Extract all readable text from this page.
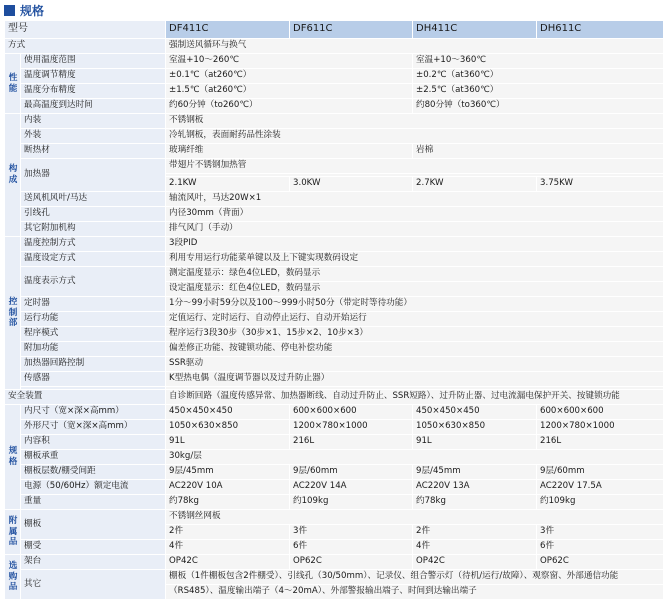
规格
型号		DF411C	DF611C	DH411C	DH611C
方式		强制送风循环与换气			
性能	使用温度范围	室温+10～260℃		室温+10～360℃	
	温度调节精度	±0.1℃（at260℃）		±0.2℃（at360℃）	
	温度分布精度	±1.5℃（at260℃）		±2.5℃（at360℃）	
	最高温度到达时间	约60分钟（to260℃）		约80分钟（to360℃）	
构成	内装	不锈钢板			
	外装	冷轧钢板，表面耐药品性涂装			
	断热材	玻璃纤维		岩棉	
	加热器	带翅片不锈钢加热管			

		2.1KW	3.0KW	2.7KW	3.75KW
	送风机风叶/马达	轴流风叶，马达20W×1			
	引线孔	内径30mm（背面）			
	其它附加机构	排气风门（手动）			
控制部	温度控制方式	3段PID			
	温度设定方式	利用专用运行功能菜单键以及上下键实现数码设定			
	温度表示方式	测定温度显示：绿色4位LED，数码显示			
		设定温度显示：红色4位LED，数码显示			
	定时器	1分～99小时59分以及100～999小时50分（带定时等待功能）			
	运行功能	定值运行、定时运行、自动停止运行、自动开始运行			
	程序模式	程序运行3段30步（30步×1、15步×2、10步×3）			
	附加功能	偏差修正功能、按键锁功能、停电补偿功能			
	加热器回路控制	SSR驱动			
	传感器	K型热电偶（温度调节器以及过升防止器）			

安全装置		自诊断回路（温度传感异常、加热器断线、自动过升防止、SSR短路）、过升防止器、过电流漏电保护开关、按键锁功能			
规格	内尺寸（宽×深×高mm）	450×450×450	600×600×600	450×450×450	600×600×600
	外形尺寸（宽×深×高mm）	1050×630×850	1200×780×1000	1050×630×850	1200×780×1000
	内容积	91L	216L	91L	216L
	棚板承重	30kg/层			
	棚板层数/棚受间距	9层/45mm	9层/60mm	9层/45mm	9层/60mm
	电源（50/60Hz）额定电流	AC220V 10A	AC220V 14A	AC220V 13A	AC220V 17.5A
	重量	约78kg	约109kg	约78kg	约109kg
附属品	棚板	不锈钢丝网板			
		2件	3件	2件	3件
	棚受	4件	6件	4件	6件
选购品	架台	OP42C	OP62C	OP42C	OP62C
	其它	棚板（1件棚板包含2件棚受）、引线孔（30/50mm）、记录仪、组合警示灯（待机/运行/故障）、观察窗、外部通信功能			
		（RS485）、温度输出端子（4～20mA）、外部警报输出端子、时间到达输出端子			
